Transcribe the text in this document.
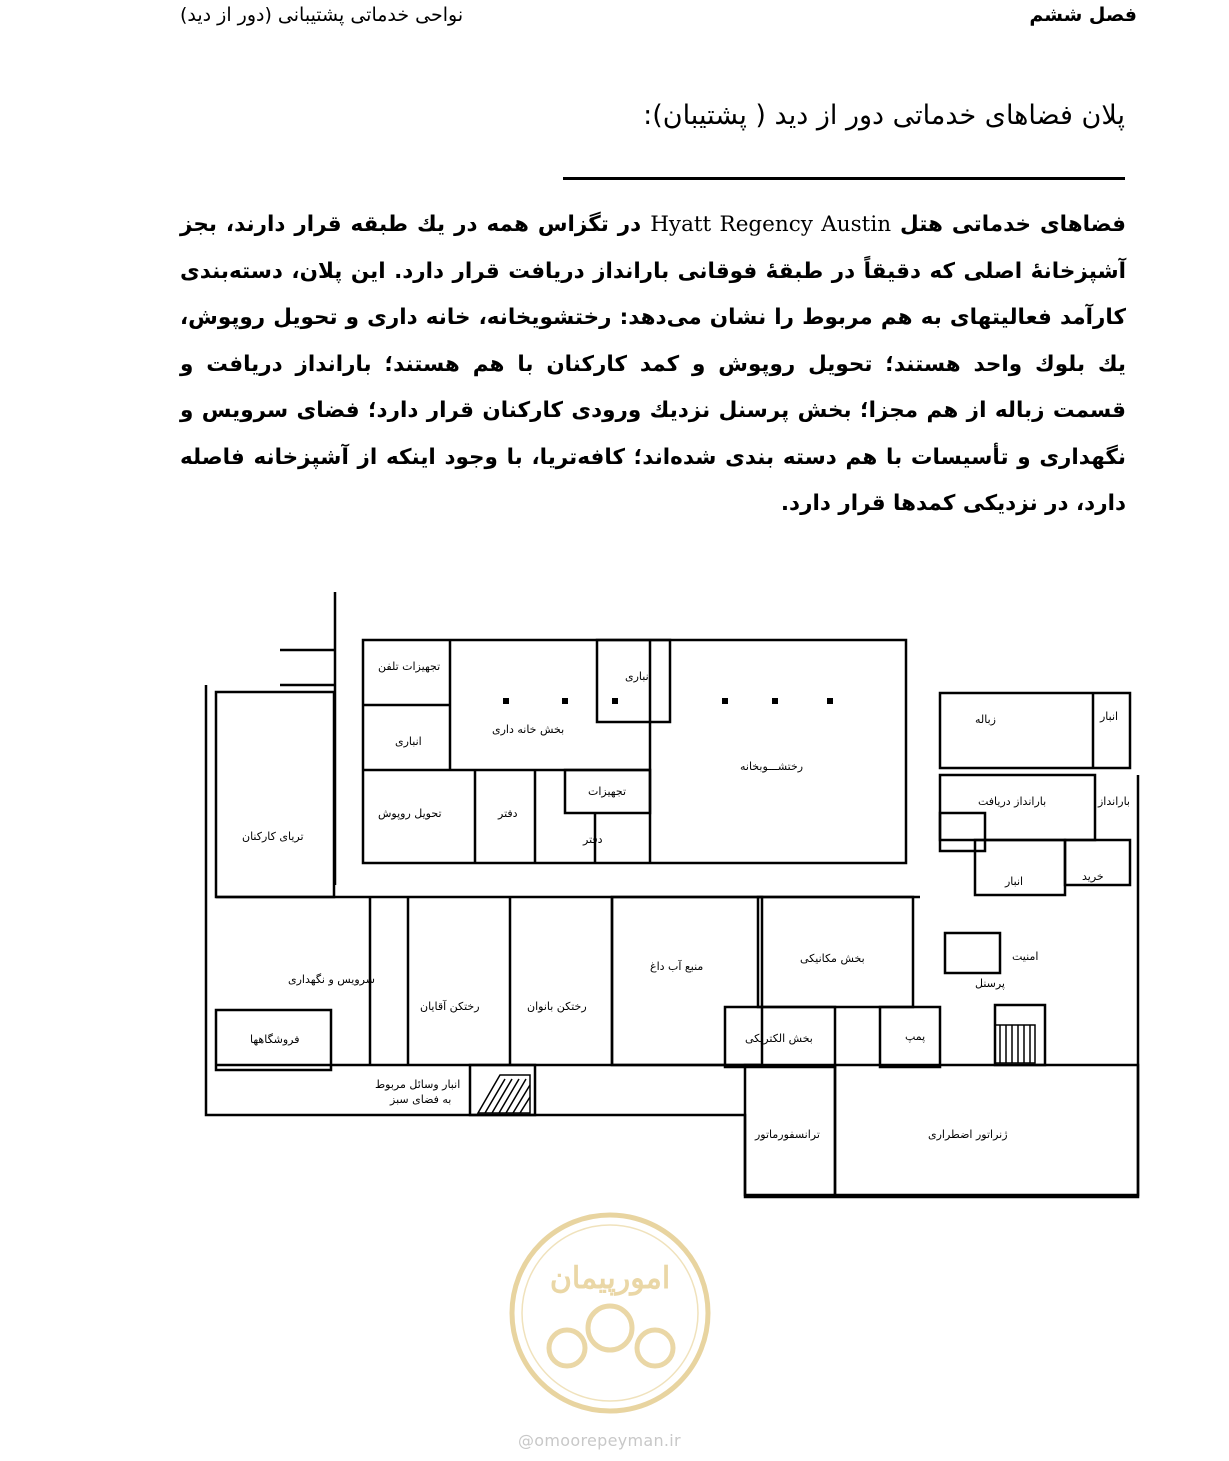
فصل ششم
نواحی خدماتی پشتیبانی (دور از دید)
پلان فضاهای خدماتی دور از دید ( پشتیبان):
فضاهای خدماتی هتل Hyatt Regency Austin در تگزاس همه در یك طبقه قرار دارند، بجز آشپزخانهٔ اصلی که دقیقاً در طبقهٔ فوقانی بارانداز دریافت قرار دارد. این پلان، دسته‌بندی کارآمد فعالیتهای به هم مربوط را نشان می‌دهد: رختشویخانه، خانه داری و تحویل روپوش، یك بلوك واحد هستند؛ تحویل روپوش و کمد کارکنان با هم هستند؛ بارانداز دریافت و قسمت زباله از هم مجزا؛ بخش پرسنل نزدیك ورودی کارکنان قرار دارد؛ فضای سرویس و نگهداری و تأسیسات با هم دسته بندی شده‌اند؛ کافه‌تریا، با وجود اینکه از آشپزخانه فاصله دارد، در نزدیکی کمدها قرار دارد.
تجهیزات تلفن
انباری
بخش خانه داری
انباری
رختشـــوبخانه
تحویل روپوش	دفتر
تجهیزات
دفتر
تریای کارکنان
زباله	انبار
بارانداز دریافت	بارانداز
انبار	خرید
امنیت
پرسنل
سرویس و نگهداری
فروشگاهها
رختکن آقایان	رختکن بانوان
منبع آب داغ
بخش مکانیکی
بخش الکتریکی	پمپ
انبار وسائل مربوط
به فضای سبز
ترانسفورماتور	ژنراتور اضطراری
امورپیمان
@omoorepeyman.ir
